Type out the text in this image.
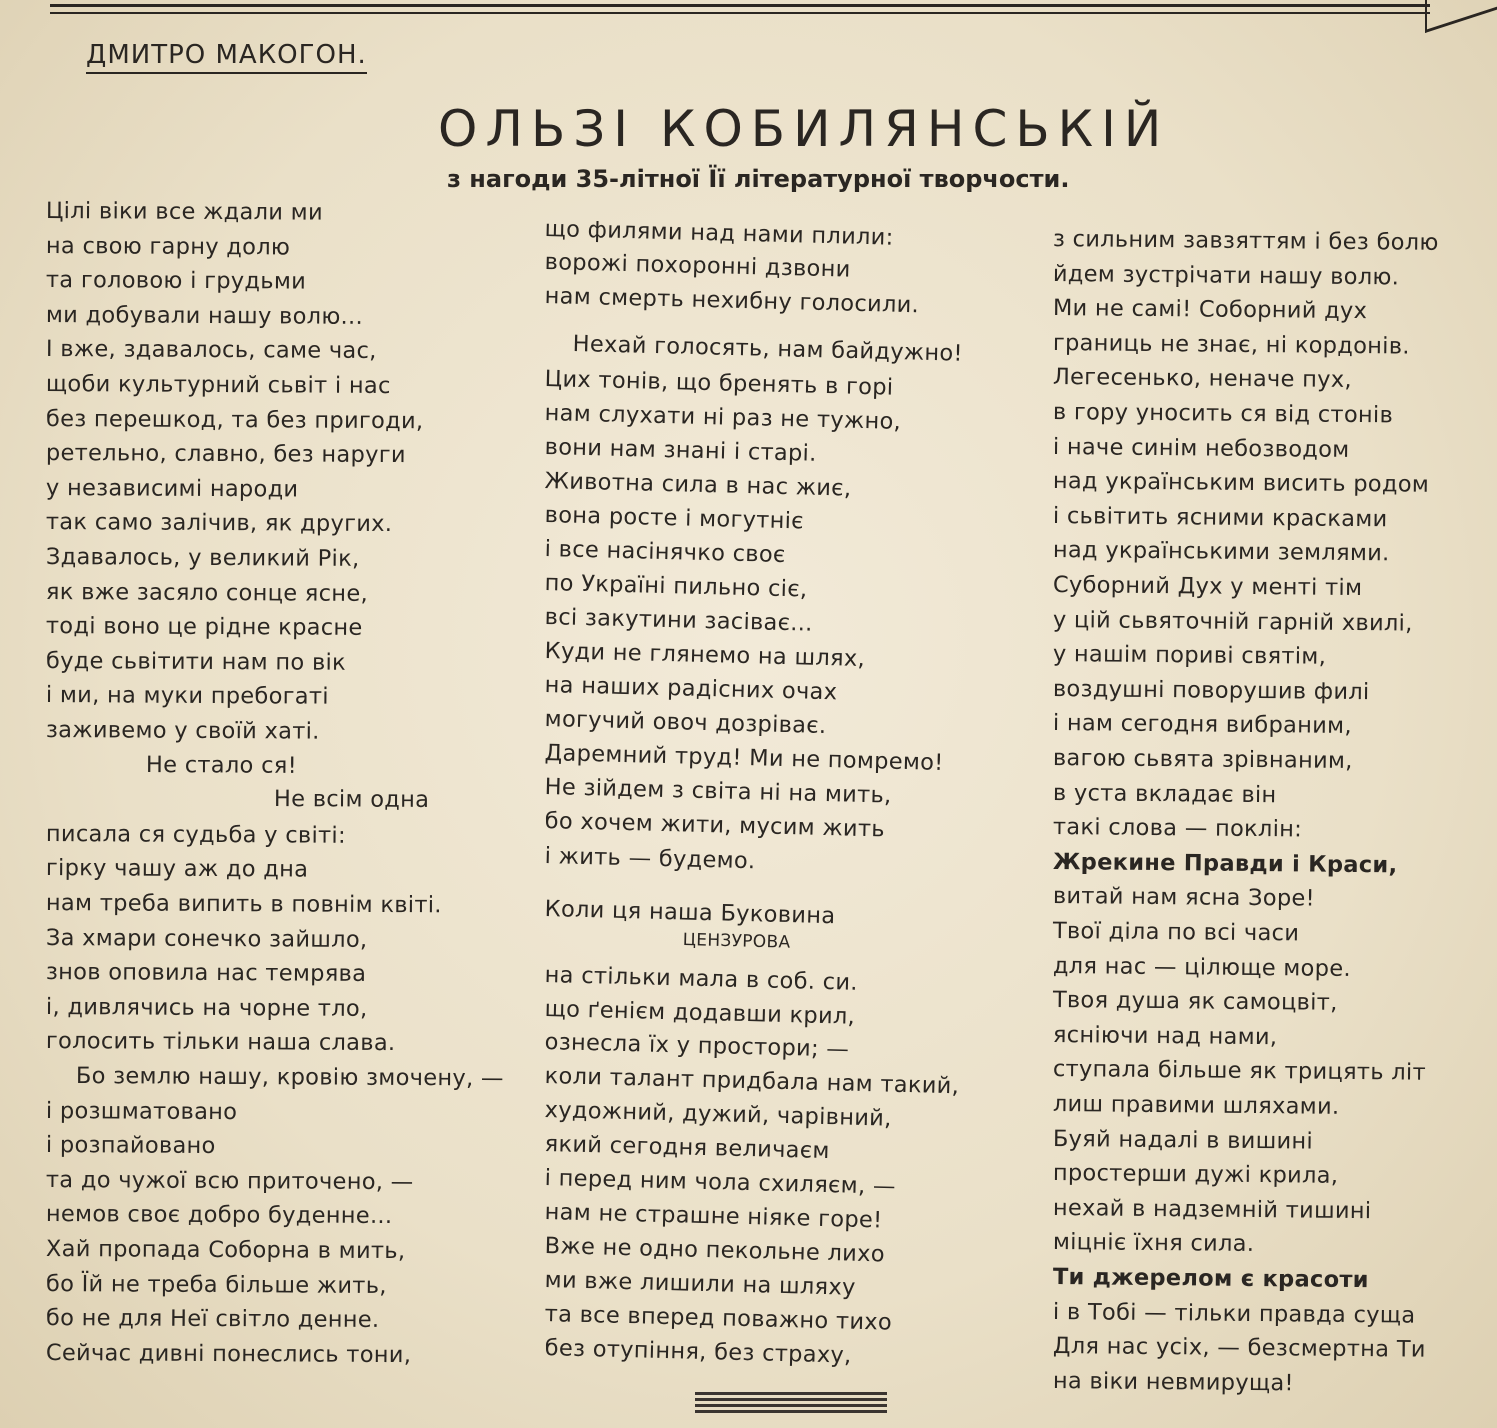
ДМИТРО МАКОГОН.
ОЛЬЗІ КОБИЛЯНСЬКІЙ
з нагоди 35-літної Її літературної творчости.
Цілі віки все ждали ми
на свою гарну долю
та головою і грудьми
ми добували нашу волю...
І вже, здавалось, саме час,
щоби культурний сьвіт і нас
без перешкод, та без пригоди,
ретельно, славно, без наруги
у независимі народи
так само залічив, як других.
Здавалось, у великий Рік,
як вже засяло сонце ясне,
тоді воно це рідне красне
буде сьвітити нам по вік
і ми, на муки пребогаті
заживемо у своїй хаті.
Не стало ся!
Не всім одна
писала ся судьба у світі:
гірку чашу аж до дна
нам треба випить в повнім квіті.
За хмари сонечко зайшло,
знов оповила нас темрява
і, дивлячись на чорне тло,
голосить тільки наша слава.
Бо землю нашу, кровію змочену, —
і розшматовано
і розпайовано
та до чужої всю приточено, —
немов своє добро буденне...
Хай пропада Соборна в мить,
бо Їй не треба більше жить,
бо не для Неї світло денне.
Сейчас дивні понеслись тони,
що филями над нами плили:
ворожі похоронні дзвони
нам смерть нехибну голосили.
Нехай голосять, нам байдужно!
Цих тонів, що бренять в горі
нам слухати ні раз не тужно,
вони нам знані і старі.
Животна сила в нас жиє,
вона росте і могутніє
і все насінячко своє
по Україні пильно сіє,
всі закутини засіває...
Куди не глянемо на шлях,
на наших радісних очах
могучий овоч дозріває.
Даремний труд! Ми не помремо!
Не зійдем з світа ні на мить,
бо хочем жити, мусим жить
і жить — будемо.
Коли ця наша Буковина
ЦЕНЗУРОВА
на стільки мала в соб. си.
що ґенієм додавши крил,
ознесла їх у простори; —
коли талант придбала нам такий,
художний, дужий, чарівний,
який сегодня величаєм
і перед ним чола схиляєм, —
нам не страшне ніяке горе!
Вже не одно пекольне лихо
ми вже лишили на шляху
та все вперед поважно тихо
без отупіння, без страху,
з сильним завзяттям і без болю
йдем зустрічати нашу волю.
Ми не самі! Соборний дух
границь не знає, ні кордонів.
Легесенько, неначе пух,
в гору уносить ся від стонів
і наче синім небозводом
над українським висить родом
і сьвітить ясними красками
над українськими землями.
Суборний Дух у менті тім
у цій сьвяточній гарній хвилі,
у нашім пориві святім,
воздушні поворушив филі
і нам сегодня вибраним,
вагою сьвята зрівнаним,
в уста вкладає він
такі слова — поклін:
Жрекине Правди і Краси,
витай нам ясна Зоре!
Твої діла по всі часи
для нас — цілюще море.
Твоя душа як самоцвіт,
ясніючи над нами,
ступала більше як трицять літ
лиш правими шляхами.
Буяй надалі в вишині
простерши дужі крила,
нехай в надземній тишині
міцніє їхня сила.
Ти джерелом є красоти
і в Тобі — тільки правда суща
Для нас усіх, — безсмертна Ти
на віки невмируща!
